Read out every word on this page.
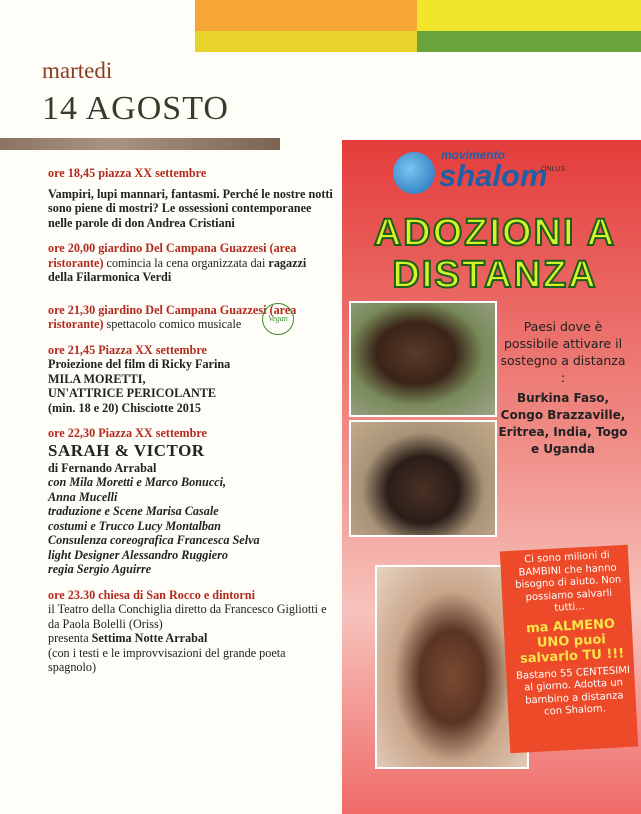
martedi
14 AGOSTO
ore 18,45 piazza XX settembre
Vampiri, lupi mannari, fantasmi. Perché le nostre notti sono piene di mostri? Le ossessioni contemporanee nelle parole di don Andrea Cristiani
ore 20,00 giardino Del Campana Guazzesi (area ristorante) comincia la cena organizzata dai ragazzi della Filarmonica Verdi
ore 21,30 giardino Del Campana Guazzesi (area ristorante) spettacolo comico musicale
ore 21,45 Piazza XX settembre
Proiezione del film di Ricky Farina
MILA MORETTI,
UN'ATTRICE PERICOLANTE
(min. 18 e 20) Chisciotte 2015
ore 22,30 Piazza XX settembre
SARAH & VICTOR
di Fernando Arrabal
con Mila Moretti e Marco Bonucci,
Anna Mucelli
traduzione e Scene Marisa Casale
costumi e Trucco Lucy Montalban
Consulenza coreografica Francesca Selva
light Designer Alessandro Ruggiero
regia Sergio Aguirre
ore 23.30 chiesa di San Rocco e dintorni
il Teatro della Conchiglia diretto da Francesco Gigliotti e da Paola Bolelli (Oriss)
presenta Settima Notte Arrabal
(con i testi e le improvvisazioni del grande poeta spagnolo)
Vegan
movimento
shalom
ONLUS
ADOZIONI A
DISTANZA
Paesi dove è possibile attivare il sostegno a distanza :
Burkina Faso, Congo Brazzaville, Eritrea, India, Togo e Uganda
Ci sono milioni di BAMBINI che hanno bisogno di aiuto. Non possiamo salvarli tutti...
ma ALMENO UNO puoi salvarlo TU !!!
Bastano 55 CENTESIMI al giorno. Adotta un bambino a distanza con Shalom.
